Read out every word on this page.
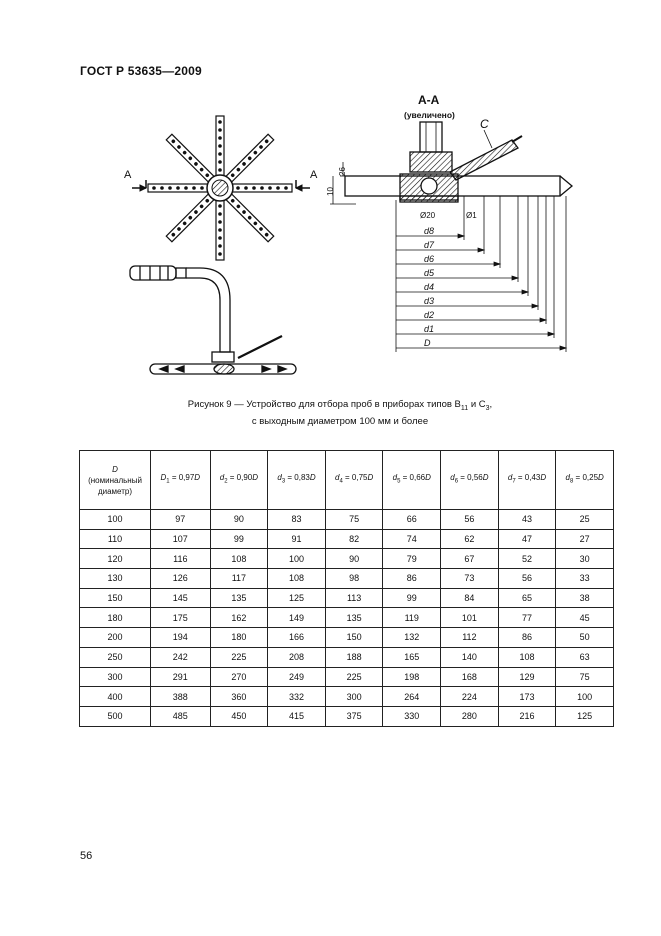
ГОСТ Р 53635—2009
А	А
А-А
(увеличено)
C
26
10
Ø20	Ø1
d8
d7
d6
d5
d4
d3
d2
d1
D
Рисунок 9 — Устройство для отбора проб в приборах типов $В_{11}$ и $С_3$,
с выходным диаметром 100 мм и более
D
(номинальный
диаметр)	$D_1 = 0,97D$	$d_2 = 0,90D$	$d_3 = 0,83D$	$d_4 = 0,75D$	$d_5 = 0,66D$	$d_6 = 0,56D$	$d_7 = 0,43D$	$d_8 = 0,25D$
100	97	90	83	75	66	56	43	25
110	107	99	91	82	74	62	47	27
120	116	108	100	90	79	67	52	30
130	126	117	108	98	86	73	56	33
150	145	135	125	113	99	84	65	38
180	175	162	149	135	119	101	77	45
200	194	180	166	150	132	112	86	50
250	242	225	208	188	165	140	108	63
300	291	270	249	225	198	168	129	75
400	388	360	332	300	264	224	173	100
500	485	450	415	375	330	280	216	125
56
